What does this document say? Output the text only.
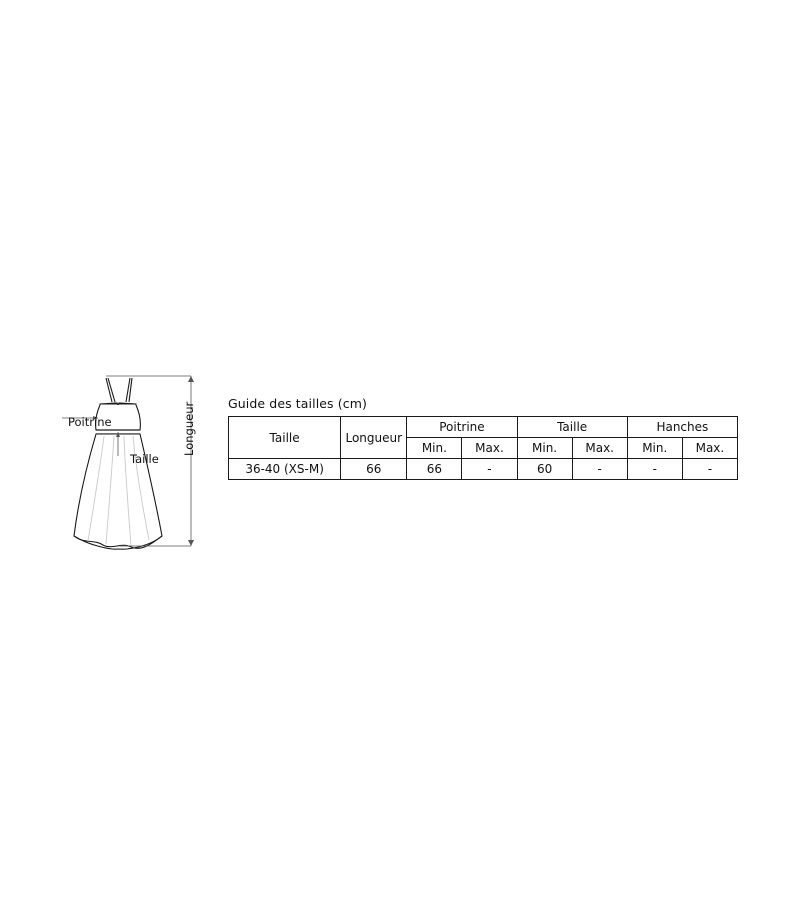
Poitrine
Taille
Longueur	Guide des tailles (cm)
Taille	Longueur	Poitrine		Taille		Hanches	
		Min.	Max.	Min.	Max.	Min.	Max.
36-40 (XS-M)	66	66	-	60	-	-	-
